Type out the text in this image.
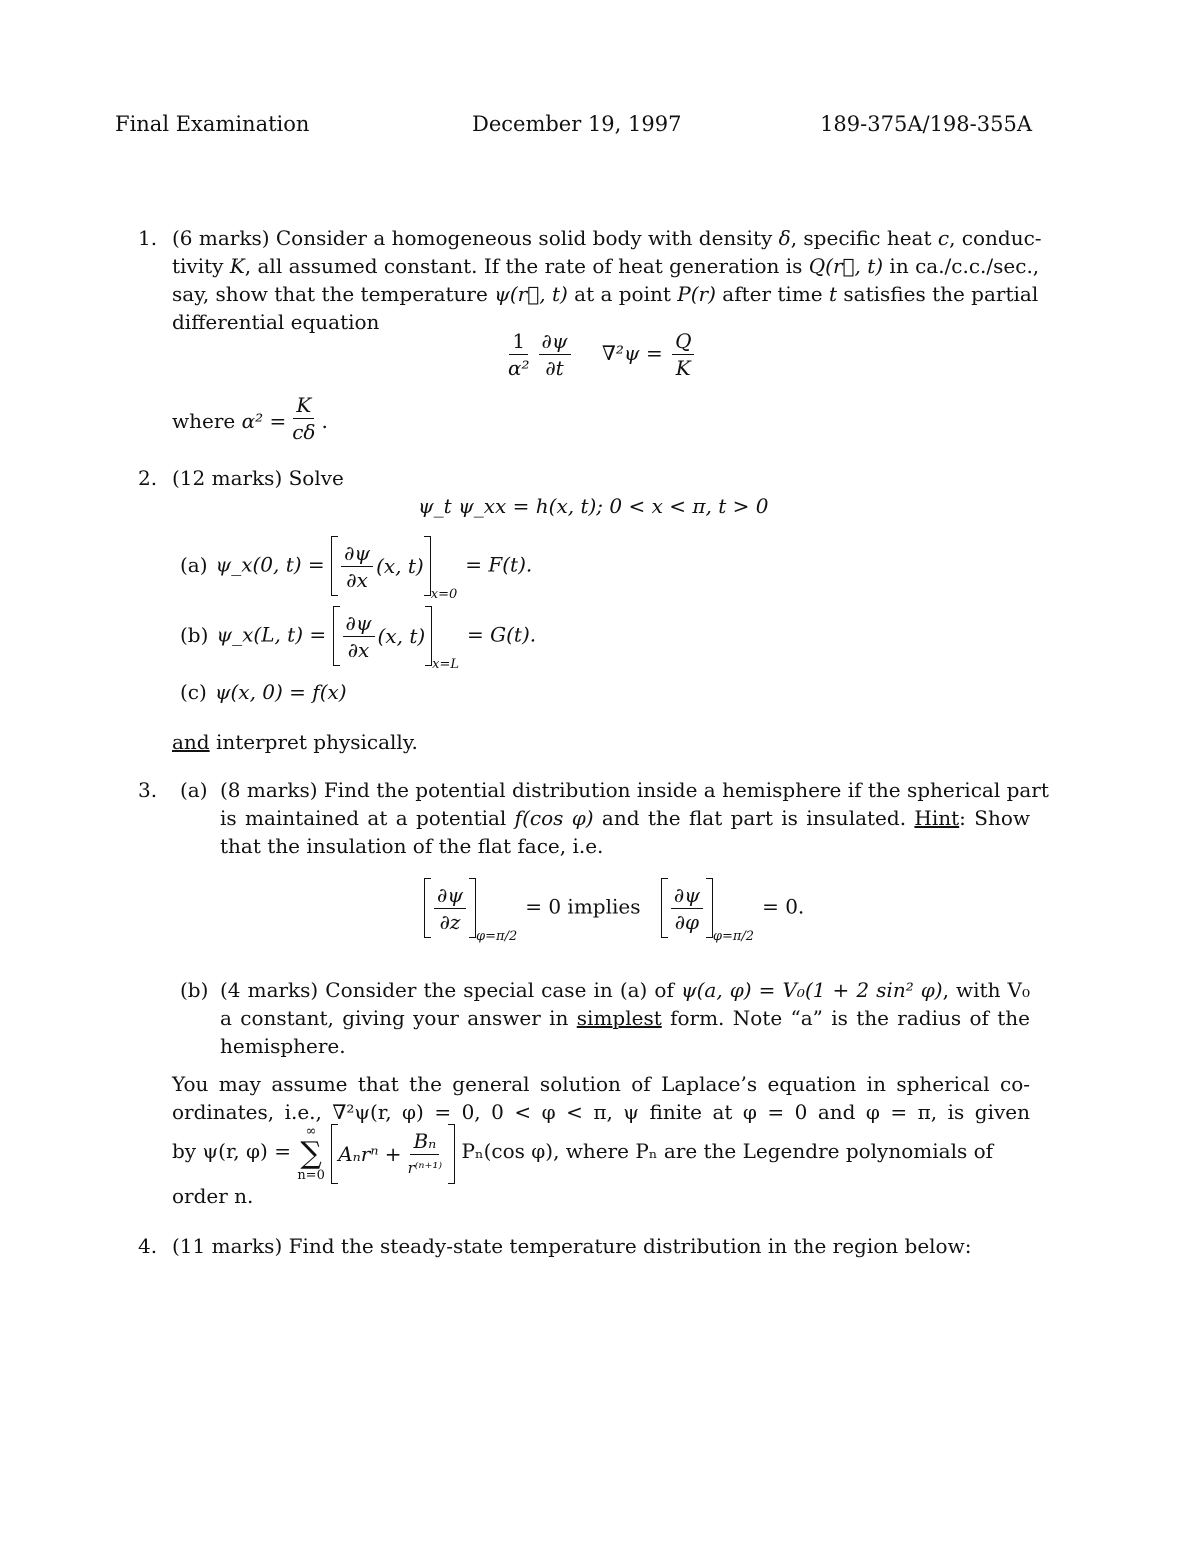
Final Examination	December 19, 1997	189-375A/198-355A
1. (6 marks) Consider a homogeneous solid body with density δ, specific heat c, conduc-
tivity K, all assumed constant. If the rate of heat generation is Q(r⃗, t) in ca./c.c./sec.,
say, show that the temperature ψ(r⃗, t) at a point P(r) after time t satisfies the partial
differential equation
$\frac{1}{\text{α²}} \frac{\partial\psi}{\partial t} \nabla^2\psi = \frac{Q}{K}$
where $\alpha^2 = \frac{K}{c\delta}$ .
2. (12 marks) Solve
ψ_t ψ_xx = h(x, t); 0 < x < π, t > 0
(a) ψ_x(0, $t) = \frac{\partial\psi}{\partial x} (x$, t)
$_{x=0}$= F(t).
(b) ψ_x(L, $t) = \frac{\partial\psi}{\partial x} (x$, t)
$_{x=L}$= G(t).
(c) ψ(x, 0) = f(x)
and interpret physically.
3. (a) (8 marks) Find the potential distribution inside a hemisphere if the spherical part
is maintained at a potential f(cos φ) and the flat part is insulated. Hint: Show
that the insulation of the flat face, i.e.
$\frac{\partial\psi}{\partial z}$
$_{\varphi=\pi/2}$= 0 implies $\frac{\partial\psi}{\partial\varphi}$
$_{\varphi=\pi/2}$= 0.
(b) (4 marks) Consider the special case in (a) of ψ(a, φ) = V₀(1 + 2 sin² φ), with V₀
a constant, giving your answer in simplest form. Note “a” is the radius of the
hemisphere.
You may assume that the general solution of Laplace’s equation in spherical co-
ordinates, i.e., ∇²ψ(r, φ) = 0, 0 < φ < π, ψ finite at φ = 0 and φ = π, is given
by ψ(r, φ) =
∞
∑
n=0

$A_nr^n + \frac{\text{Bₙ}}{\text{r⁽ⁿ⁺¹⁾}} P_n(\cos$ φ), where Pₙ are the Legendre polynomials of
order n.
4. (11 marks) Find the steady-state temperature distribution in the region below:
